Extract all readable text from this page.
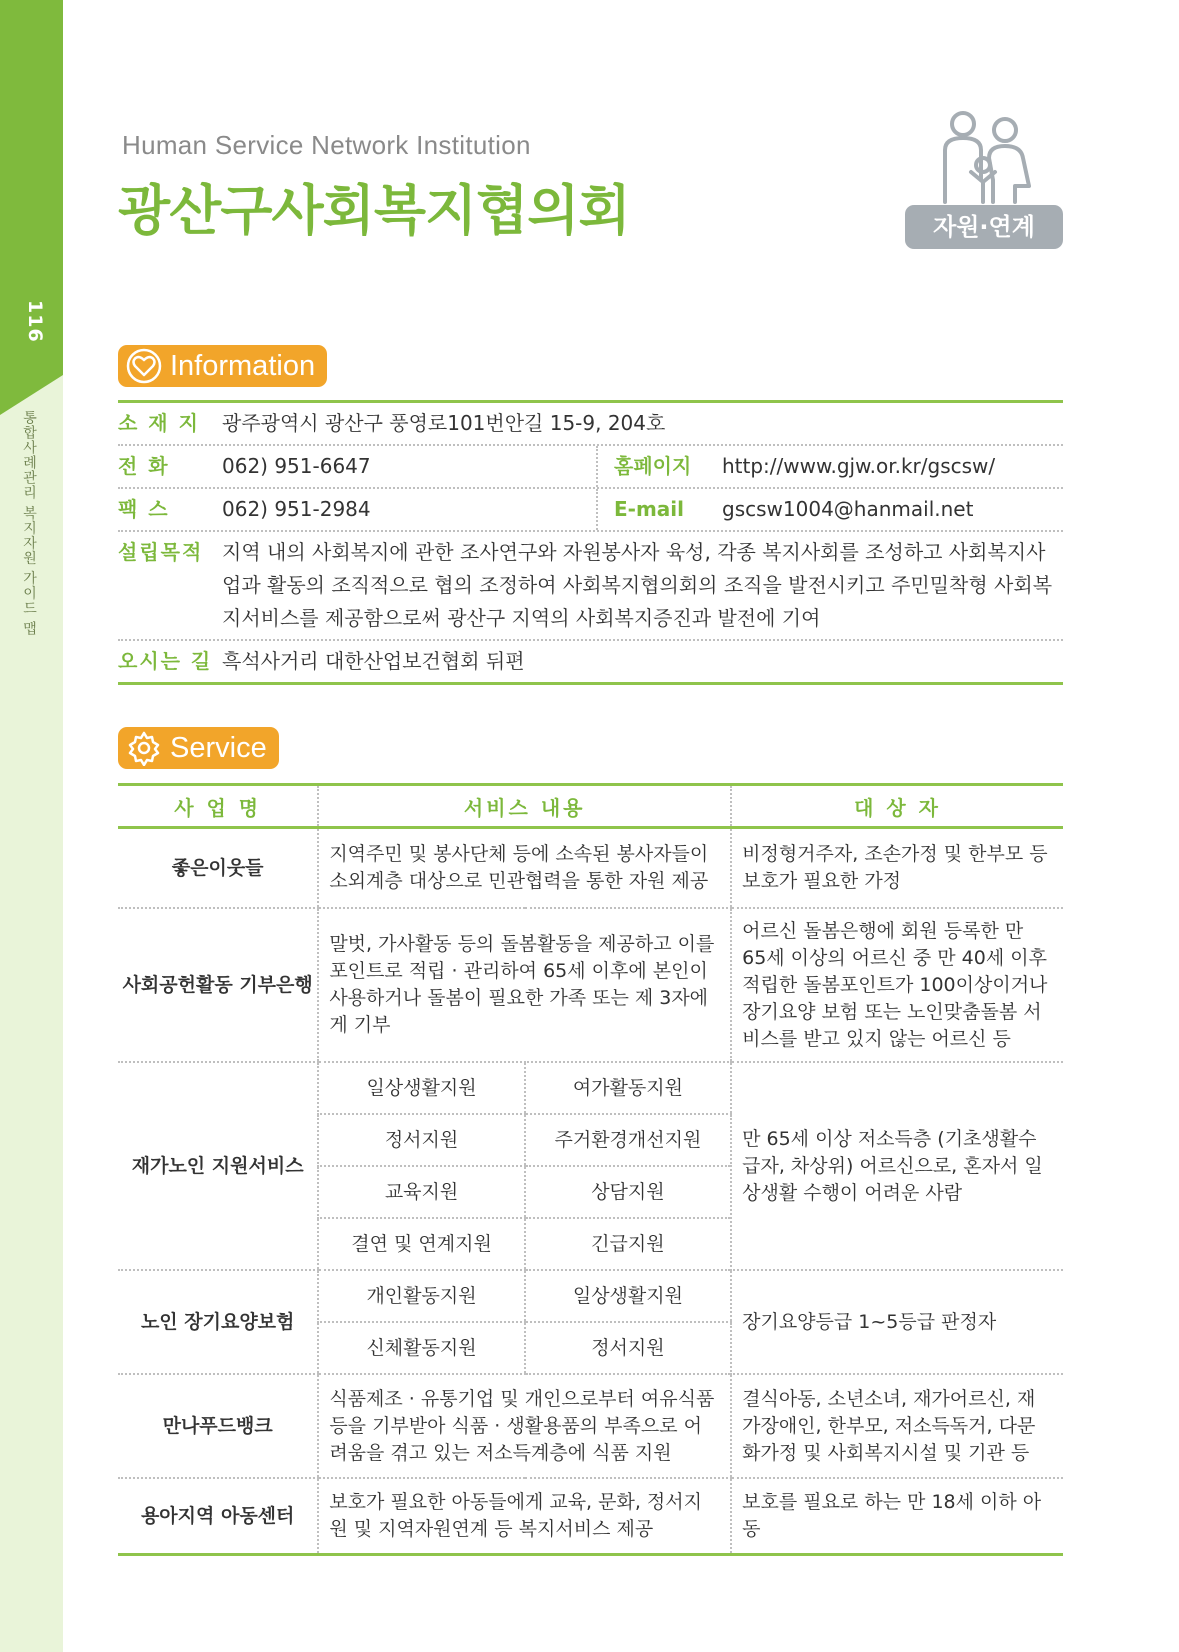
116
통합사례관리 복지자원 가이드 맵
Human Service Network Institution
광산구사회복지협의회	자원·연계
Information
소 재 지	광주광역시 광산구 풍영로101번안길 15-9, 204호
전 화	062) 951-6647	홈페이지	http://www.gjw.or.kr/gscsw/
팩 스	062) 951-2984	E-mail	gscsw1004@hanmail.net
설립목적 지역 내의 사회복지에 관한 조사연구와 자원봉사자 육성, 각종 복지사회를 조성하고 사회복지사업과 활동의 조직적으로 협의 조정하여 사회복지협의회의 조직을 발전시키고 주민밀착형 사회복지서비스를 제공함으로써 광산구 지역의 사회복지증진과 발전에 기여
오시는 길 흑석사거리 대한산업보건협회 뒤편
Service
사 업 명	서비스 내용		대 상 자
좋은이웃들	지역주민 및 봉사단체 등에 소속된 봉사자들이 소외계층 대상으로 민관협력을 통한 자원 제공		비정형거주자, 조손가정 및 한부모 등 보호가 필요한 가정
사회공헌활동 기부은행	말벗, 가사활동 등의 돌봄활동을 제공하고 이를 포인트로 적립 · 관리하여 65세 이후에 본인이 사용하거나 돌봄이 필요한 가족 또는 제 3자에게 기부		어르신 돌봄은행에 회원 등록한 만 65세 이상의 어르신 중 만 40세 이후 적립한 돌봄포인트가 100이상이거나 장기요양 보험 또는 노인맞춤돌봄 서비스를 받고 있지 않는 어르신 등
재가노인 지원서비스	일상생활지원	여가활동지원	만 65세 이상 저소득층 (기초생활수급자, 차상위) 어르신으로, 혼자서 일상생활 수행이 어려운 사람
	정서지원	주거환경개선지원	
	교육지원	상담지원	
	결연 및 연계지원	긴급지원	
노인 장기요양보험	개인활동지원	일상생활지원	장기요양등급 1~5등급 판정자
	신체활동지원	정서지원	
만나푸드뱅크	식품제조 · 유통기업 및 개인으로부터 여유식품 등을 기부받아 식품 · 생활용품의 부족으로 어려움을 겪고 있는 저소득계층에 식품 지원		결식아동, 소년소녀, 재가어르신, 재가장애인, 한부모, 저소득독거, 다문화가정 및 사회복지시설 및 기관 등
용아지역 아동센터	보호가 필요한 아동들에게 교육, 문화, 정서지원 및 지역자원연계 등 복지서비스 제공		보호를 필요로 하는 만 18세 이하 아동
